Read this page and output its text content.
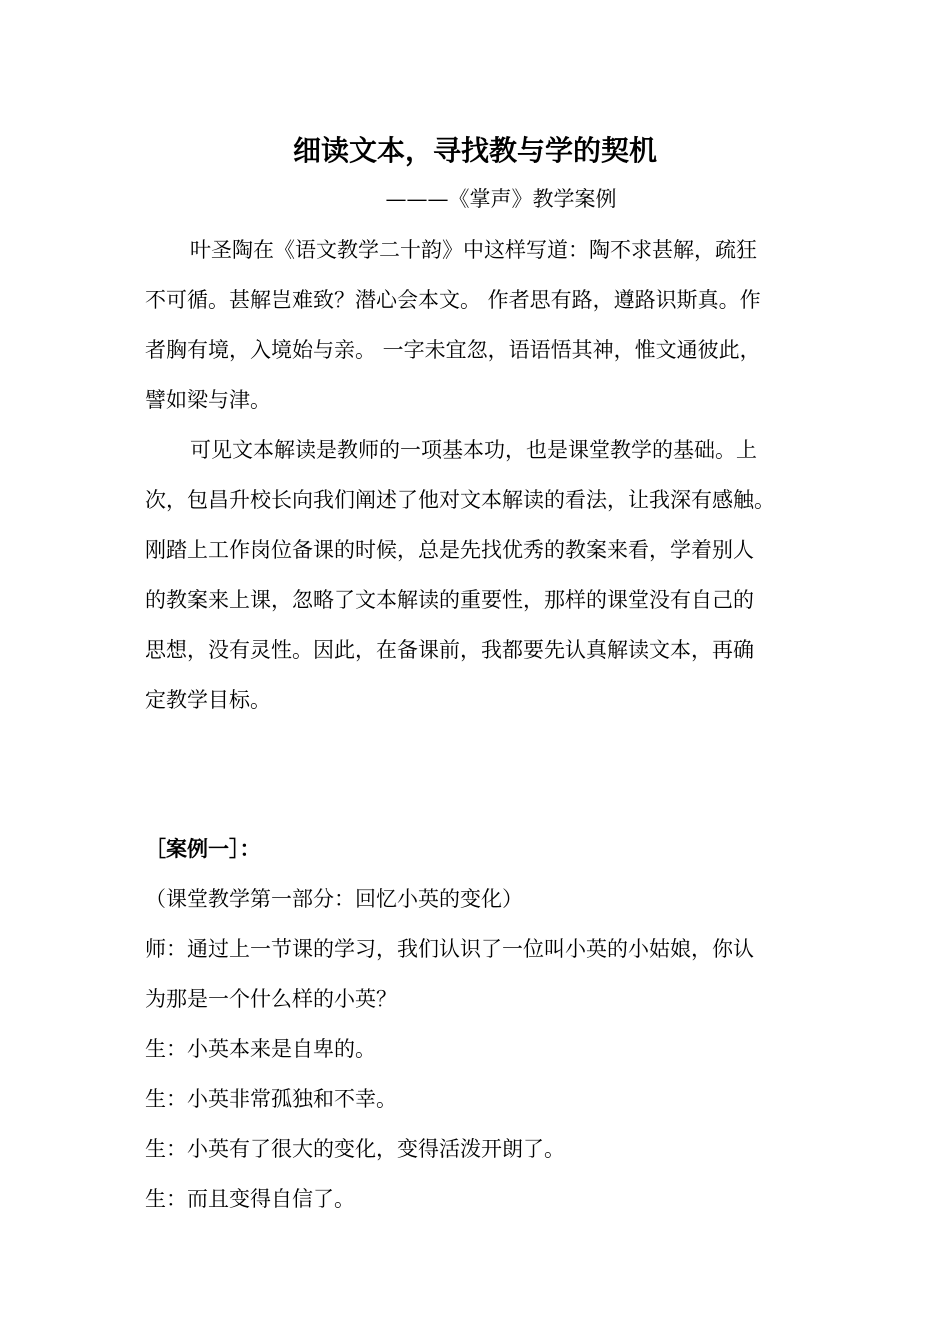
细读文本，寻找教与学的契机
———《掌声》教学案例
叶圣陶在《语文教学二十韵》中这样写道：陶不求甚解，疏狂
不可循。甚解岂难致？潜心会本文。 作者思有路，遵路识斯真。作
者胸有境，入境始与亲。 一字未宜忽，语语悟其神，惟文通彼此，
譬如梁与津。
可见文本解读是教师的一项基本功，也是课堂教学的基础。上
次，包昌升校长向我们阐述了他对文本解读的看法，让我深有感触。
刚踏上工作岗位备课的时候，总是先找优秀的教案来看，学着别人
的教案来上课，忽略了文本解读的重要性，那样的课堂没有自己的
思想，没有灵性。因此，在备课前，我都要先认真解读文本，再确
定教学目标。
［案例一］：
（课堂教学第一部分：回忆小英的变化）
师：通过上一节课的学习，我们认识了一位叫小英的小姑娘，你认
为那是一个什么样的小英？
生：小英本来是自卑的。
生：小英非常孤独和不幸。
生：小英有了很大的变化，变得活泼开朗了。
生：而且变得自信了。
